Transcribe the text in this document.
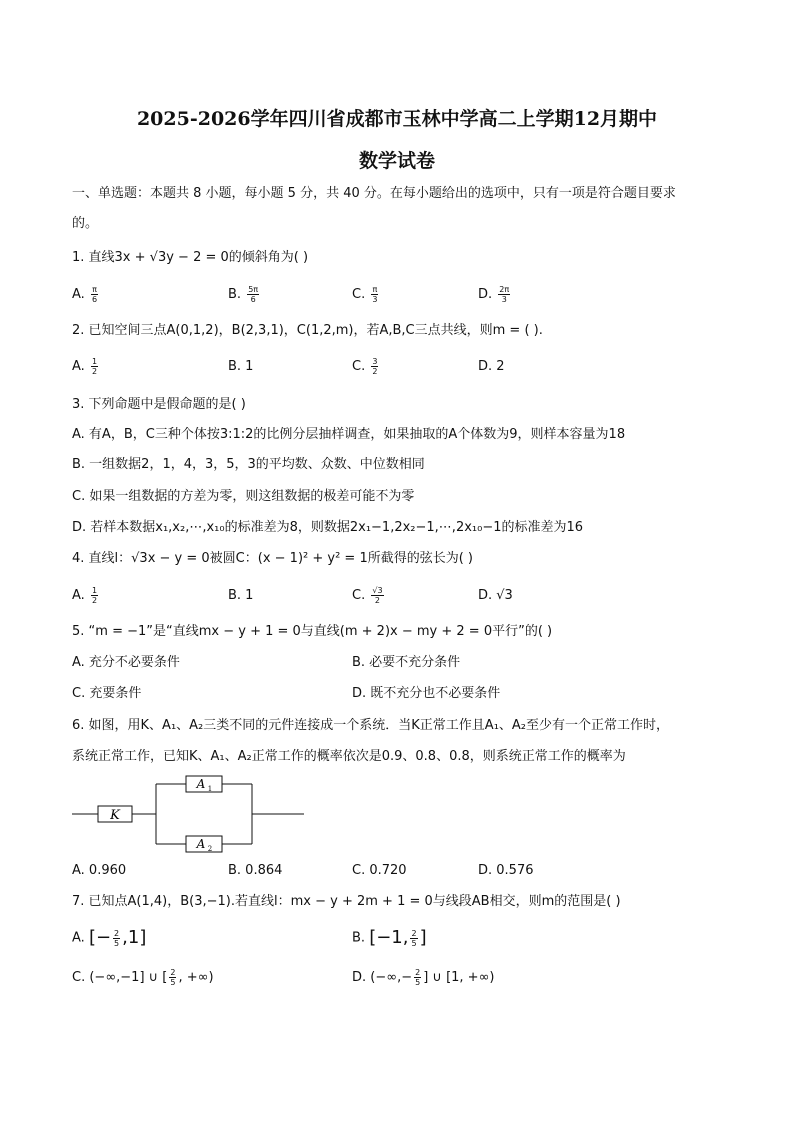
2025-2026学年四川省成都市玉林中学高二上学期12月期中
数学试卷
一、单选题：本题共 8 小题，每小题 5 分，共 40 分。在每小题给出的选项中，只有一项是符合题目要求
的。
1. 直线3x + √3y − 2 = 0的倾斜角为( )
A. $\frac{\pi}{6}$	B. $\frac{5\pi}{6}$	C. $\frac{\pi}{3}$	D. $\frac{2\pi}{3}$
2. 已知空间三点A(0,1,2)，B(2,3,1)，C(1,2,m)，若A,B,C三点共线，则m = ( ).
A. $\frac{1}{2}$	B. 1	C. $\frac{3}{2}$	D. 2
3. 下列命题中是假命题的是( )
A. 有A，B，C三种个体按3:1:2的比例分层抽样调查，如果抽取的A个体数为9，则样本容量为18
B. 一组数据2，1，4，3，5，3的平均数、众数、中位数相同
C. 如果一组数据的方差为零，则这组数据的极差可能不为零
D. 若样本数据x₁,x₂,⋯,x₁₀的标准差为8，则数据2x₁−1,2x₂−1,⋯,2x₁₀−1的标准差为16
4. 直线l：√3x − y = 0被圆C：(x − 1)² + y² = 1所截得的弦长为( )
A. $\frac{1}{2}$	B. 1	C. $\frac{√3}{2}$	D. √3
5. “m = −1”是“直线mx − y + 1 = 0与直线(m + 2)x − my + 2 = 0平行”的( )
A. 充分不必要条件	B. 必要不充分条件
C. 充要条件	D. 既不充分也不必要条件
6. 如图，用K、A₁、A₂三类不同的元件连接成一个系统．当K正常工作且A₁、A₂至少有一个正常工作时，
系统正常工作，已知K、A₁、A₂正常工作的概率依次是0.9、0.8、0.8，则系统正常工作的概率为
K
A 1
A 2
A. 0.960	B. 0.864	C. 0.720	D. 0.576
7. 已知点A(1,4)，B(3,−1).若直线l：mx − y + 2m + 1 = 0与线段AB相交，则m的范围是( )
A. [− $\frac{2}{5} ,1$]	B. [−1, $\frac{2}{5}$ ]
C. (−∞,−1] ∪ [ $\frac{2}{5}$ , +∞)	D. (−∞,− $\frac{2}{5}$ ] ∪ [1, +∞)
